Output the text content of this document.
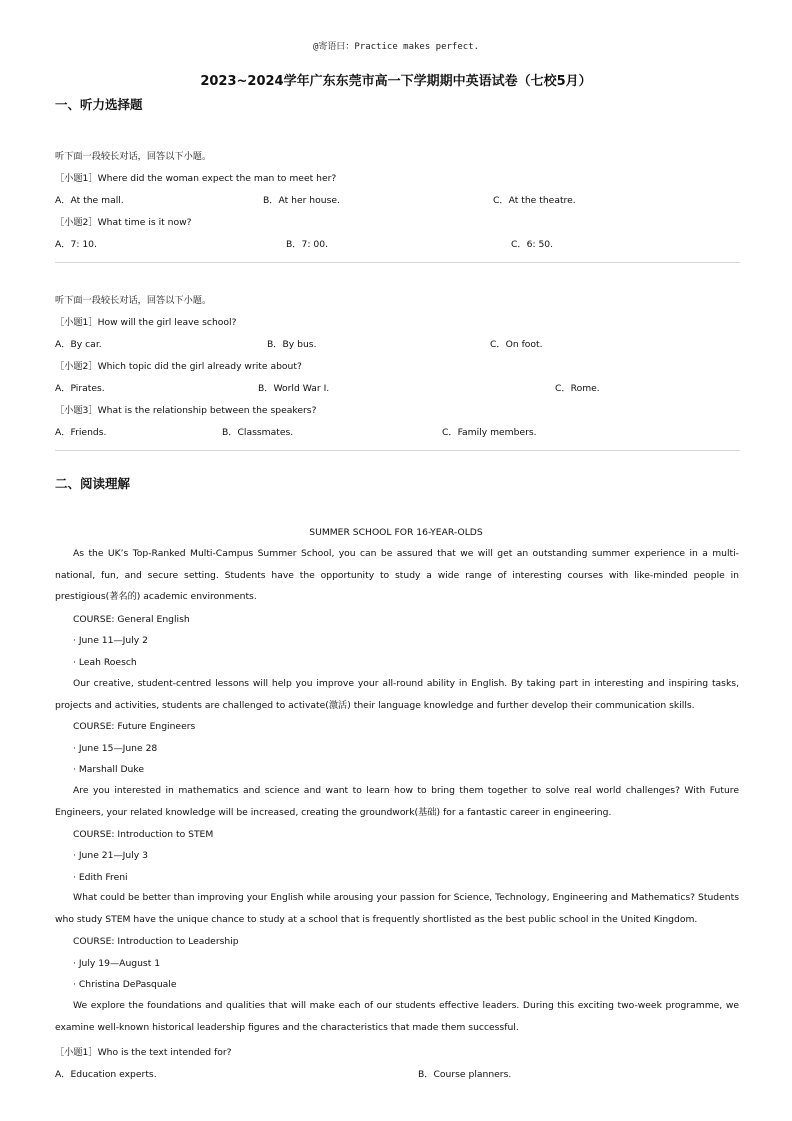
@寄语曰：Practice makes perfect.
2023~2024学年广东东莞市高一下学期期中英语试卷（七校5月）
一、听力选择题
听下面一段较长对话，回答以下小题。
［小题1］Where did the woman expect the man to meet her?
A．At the mall.	B．At her house.	C．At the theatre.
［小题2］What time is it now?
A．7: 10.	B．7: 00.	C．6: 50.
听下面一段较长对话，回答以下小题。
［小题1］How will the girl leave school?
A．By car.	B．By bus.	C．On foot.
［小题2］Which topic did the girl already write about?
A．Pirates.	B．World War I.	C．Rome.
［小题3］What is the relationship between the speakers?
A．Friends.	B．Classmates.	C．Family members.
二、阅读理解
SUMMER SCHOOL FOR 16-YEAR-OLDS
As the UK’s Top-Ranked Multi-Campus Summer School, you can be assured that we will get an outstanding summer experience in a multi-national, fun, and secure setting. Students have the opportunity to study a wide range of interesting courses with like-minded people in prestigious(著名的) academic environments.
COURSE: General English
· June 11—July 2
· Leah Roesch
Our creative, student-centred lessons will help you improve your all-round ability in English. By taking part in interesting and inspiring tasks, projects and activities, students are challenged to activate(激活) their language knowledge and further develop their communication skills.
COURSE: Future Engineers
· June 15—June 28
· Marshall Duke
Are you interested in mathematics and science and want to learn how to bring them together to solve real world challenges? With Future Engineers, your related knowledge will be increased, creating the groundwork(基础) for a fantastic career in engineering.
COURSE: Introduction to STEM
· June 21—July 3
· Edith Freni
What could be better than improving your English while arousing your passion for Science, Technology, Engineering and Mathematics? Students who study STEM have the unique chance to study at a school that is frequently shortlisted as the best public school in the United Kingdom.
COURSE: Introduction to Leadership
· July 19—August 1
· Christina DePasquale
We explore the foundations and qualities that will make each of our students effective leaders. During this exciting two-week programme, we examine well-known historical leadership figures and the characteristics that made them successful.
［小题1］Who is the text intended for?
A．Education experts.	B．Course planners.
